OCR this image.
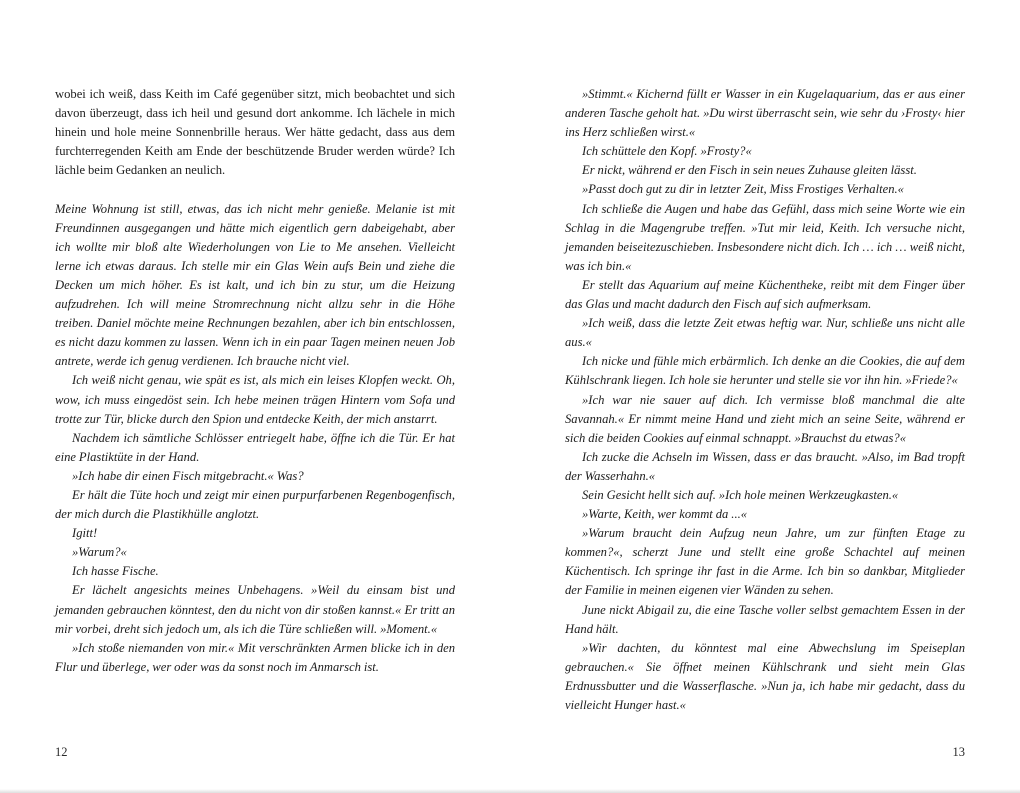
wobei ich weiß, dass Keith im Café gegenüber sitzt, mich beobachtet und sich davon überzeugt, dass ich heil und gesund dort ankomme. Ich lächele in mich hinein und hole meine Sonnenbrille heraus. Wer hätte gedacht, dass aus dem furchterregenden Keith am Ende der beschützende Bruder werden würde? Ich lächle beim Gedanken an neulich.

Meine Wohnung ist still, etwas, das ich nicht mehr genieße. Melanie ist mit Freundinnen ausgegangen und hätte mich eigentlich gern dabeigehabt, aber ich wollte mir bloß alte Wiederholungen von Lie to Me ansehen. Vielleicht lerne ich etwas daraus. Ich stelle mir ein Glas Wein aufs Bein und ziehe die Decken um mich höher. Es ist kalt, und ich bin zu stur, um die Heizung aufzudrehen. Ich will meine Stromrechnung nicht allzu sehr in die Höhe treiben. Daniel möchte meine Rechnungen bezahlen, aber ich bin entschlossen, es nicht dazu kommen zu lassen. Wenn ich in ein paar Tagen meinen neuen Job antrete, werde ich genug verdienen. Ich brauche nicht viel.

Ich weiß nicht genau, wie spät es ist, als mich ein leises Klopfen weckt. Oh, wow, ich muss eingedöst sein. Ich hebe meinen trägen Hintern vom Sofa und trotte zur Tür, blicke durch den Spion und entdecke Keith, der mich anstarrt.

Nachdem ich sämtliche Schlösser entriegelt habe, öffne ich die Tür. Er hat eine Plastiktüte in der Hand.

»Ich habe dir einen Fisch mitgebracht.« Was?

Er hält die Tüte hoch und zeigt mir einen purpurfarbenen Regenbogenfisch, der mich durch die Plastikhülle anglotzt.

Igitt!

»Warum?«

Ich hasse Fische.

Er lächelt angesichts meines Unbehagens. »Weil du einsam bist und jemanden gebrauchen könntest, den du nicht von dir stoßen kannst.« Er tritt an mir vorbei, dreht sich jedoch um, als ich die Türe schließen will. »Moment.«

»Ich stoße niemanden von mir.« Mit verschränkten Armen blicke ich in den Flur und überlege, wer oder was da sonst noch im Anmarsch ist.

12

»Stimmt.« Kichernd füllt er Wasser in ein Kugelaquarium, das er aus einer anderen Tasche geholt hat. »Du wirst überrascht sein, wie sehr du ›Frosty‹ hier ins Herz schließen wirst.«

Ich schüttele den Kopf. »Frosty?«

Er nickt, während er den Fisch in sein neues Zuhause gleiten lässt.

»Passt doch gut zu dir in letzter Zeit, Miss Frostiges Verhalten.«

Ich schließe die Augen und habe das Gefühl, dass mich seine Worte wie ein Schlag in die Magengrube treffen. »Tut mir leid, Keith. Ich versuche nicht, jemanden beiseitezuschieben. Insbesondere nicht dich. Ich … ich … weiß nicht, was ich bin.«

Er stellt das Aquarium auf meine Küchentheke, reibt mit dem Finger über das Glas und macht dadurch den Fisch auf sich aufmerksam.

»Ich weiß, dass die letzte Zeit etwas heftig war. Nur, schließe uns nicht alle aus.«

Ich nicke und fühle mich erbärmlich. Ich denke an die Cookies, die auf dem Kühlschrank liegen. Ich hole sie herunter und stelle sie vor ihn hin. »Friede?«

»Ich war nie sauer auf dich. Ich vermisse bloß manchmal die alte Savannah.« Er nimmt meine Hand und zieht mich an seine Seite, während er sich die beiden Cookies auf einmal schnappt. »Brauchst du etwas?«

Ich zucke die Achseln im Wissen, dass er das braucht. »Also, im Bad tropft der Wasserhahn.«

Sein Gesicht hellt sich auf. »Ich hole meinen Werkzeugkasten.«

»Warte, Keith, wer kommt da ...«

»Warum braucht dein Aufzug neun Jahre, um zur fünften Etage zu kommen?«, scherzt June und stellt eine große Schachtel auf meinen Küchentisch. Ich springe ihr fast in die Arme. Ich bin so dankbar, Mitglieder der Familie in meinen eigenen vier Wänden zu sehen.

June nickt Abigail zu, die eine Tasche voller selbst gemachtem Essen in der Hand hält.

»Wir dachten, du könntest mal eine Abwechslung im Speiseplan gebrauchen.« Sie öffnet meinen Kühlschrank und sieht mein Glas Erdnussbutter und die Wasserflasche. »Nun ja, ich habe mir gedacht, dass du vielleicht Hunger hast.«

13
